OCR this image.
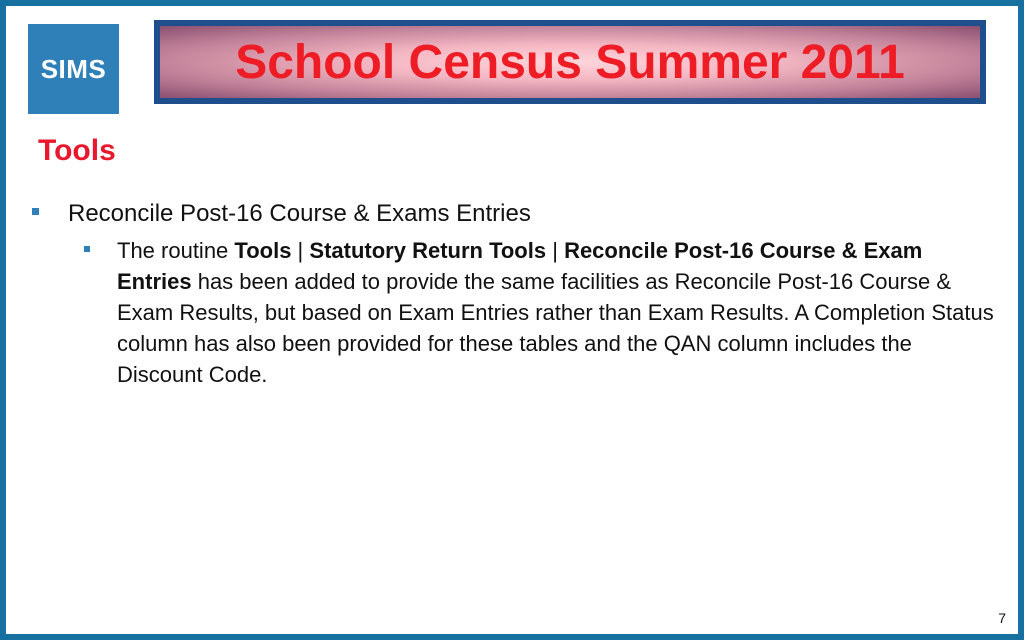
SIMS	School Census Summer 2011
Tools
Reconcile Post-16 Course & Exams Entries
The routine Tools | Statutory Return Tools | Reconcile Post-16 Course & Exam Entries has been added to provide the same facilities as Reconcile Post-16 Course & Exam Results, but based on Exam Entries rather than Exam Results. A Completion Status column has also been provided for these tables and the QAN column includes the Discount Code.
7
